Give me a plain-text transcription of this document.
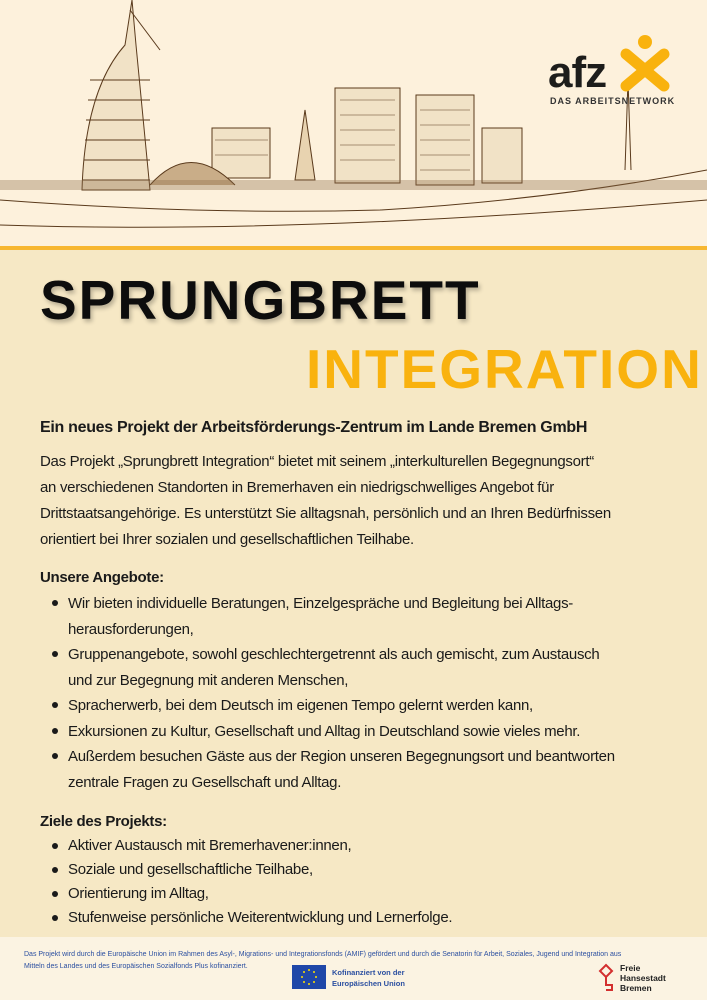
afz
DAS ARBEITSNETWORK
SPRUNGBRETT
INTEGRATION
Ein neues Projekt der Arbeitsförderungs-Zentrum im Lande Bremen GmbH
Das Projekt „Sprungbrett Integration“ bietet mit seinem „interkulturellen Begegnungsort“
an verschiedenen Standorten in Bremerhaven ein niedrigschwelliges Angebot für
Drittstaatsangehörige. Es unterstützt Sie alltagsnah, persönlich und an Ihren Bedürfnissen
orientiert bei Ihrer sozialen und gesellschaftlichen Teilhabe.
Unsere Angebote:
Wir bieten individuelle Beratungen, Einzelgespräche und Begleitung bei Alltags-
herausforderungen,
Gruppenangebote, sowohl geschlechtergetrennt als auch gemischt, zum Austausch
und zur Begegnung mit anderen Menschen,
Spracherwerb, bei dem Deutsch im eigenen Tempo gelernt werden kann,
Exkursionen zu Kultur, Gesellschaft und Alltag in Deutschland sowie vieles mehr.
Außerdem besuchen Gäste aus der Region unseren Begegnungsort und beantworten
zentrale Fragen zu Gesellschaft und Alltag.
Ziele des Projekts:
Aktiver Austausch mit Bremerhavener:innen,
Soziale und gesellschaftliche Teilhabe,
Orientierung im Alltag,
Stufenweise persönliche Weiterentwicklung und Lernerfolge.
Das Projekt wird durch die Europäische Union im Rahmen des Asyl-, Migrations- und Integrationsfonds (AMIF) gefördert und durch die Senatorin für Arbeit, Soziales, Jugend und Integration aus
Mitteln des Landes und des Europäischen Sozialfonds Plus kofinanziert.
Kofinanziert von der
Europäischen Union
Freie
Hansestadt
Bremen
